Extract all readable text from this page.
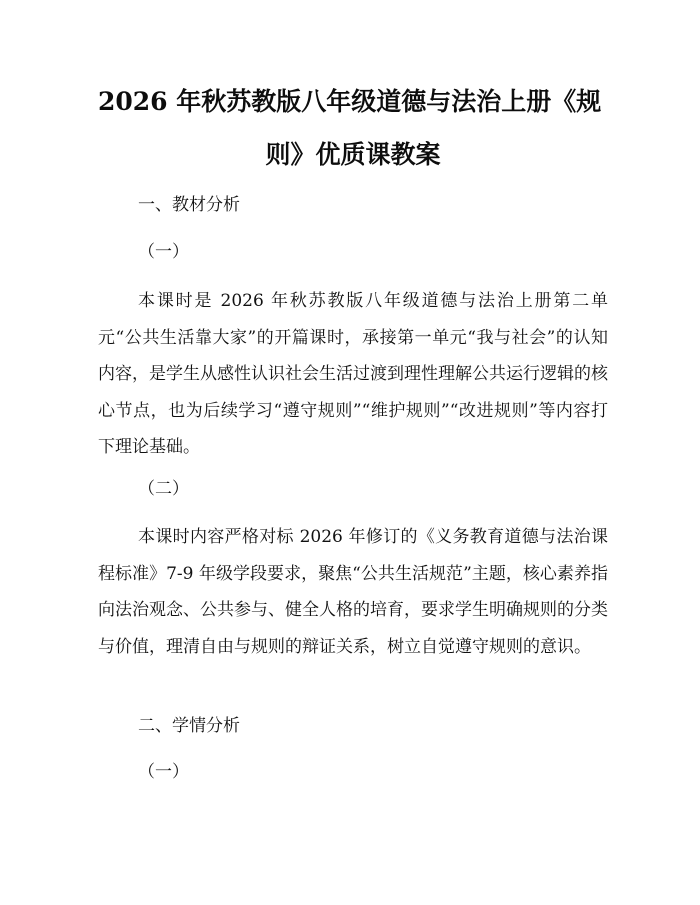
2026 年秋苏教版八年级道德与法治上册《规
则》优质课教案
一、教材分析
（一）

本课时是 2026 年秋苏教版八年级道德与法治上册第二单元“公共生活靠大家”的开篇课时，承接第一单元“我与社会”的认知内容，是学生从感性认识社会生活过渡到理性理解公共运行逻辑的核心节点，也为后续学习“遵守规则”“维护规则”“改进规则”等内容打下理论基础。

（二）

本课时内容严格对标 2026 年修订的《义务教育道德与法治课程标准》7-9 年级学段要求，聚焦“公共生活规范”主题，核心素养指向法治观念、公共参与、健全人格的培育，要求学生明确规则的分类与价值，理清自由与规则的辩证关系，树立自觉遵守规则的意识。

二、学情分析
（一）
